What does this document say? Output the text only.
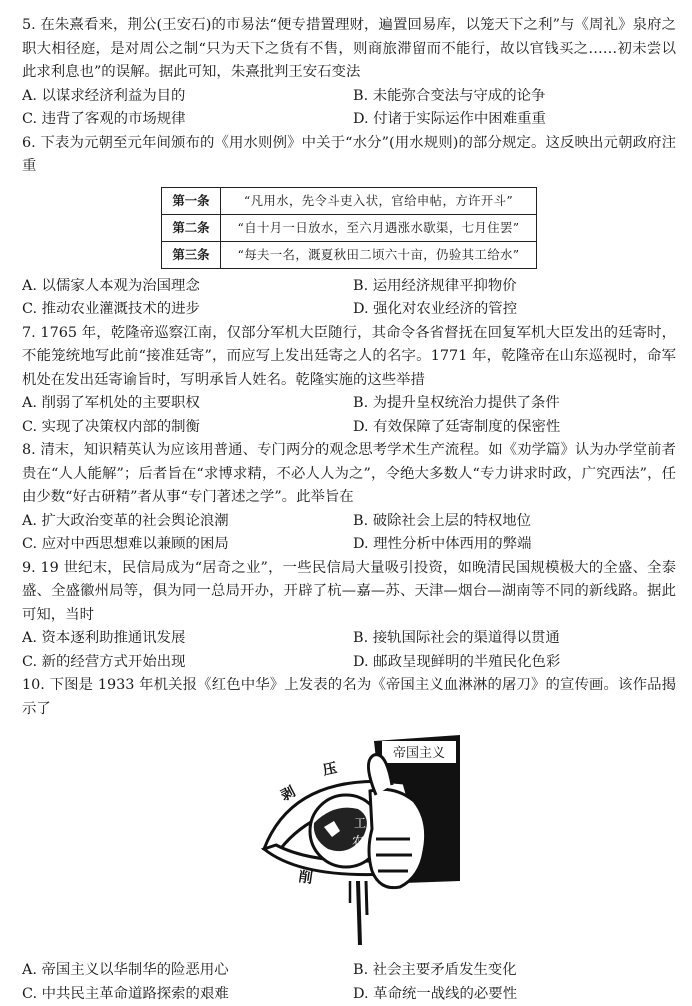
5. 在朱熹看来，荆公(王安石)的市易法“便专措置理财，遍置回易库，以笼天下之利”与《周礼》泉府之职大相径庭，是对周公之制“只为天下之货有不售，则商旅滞留而不能行，故以官钱买之……初未尝以此求利息也”的误解。据此可知，朱熹批判王安石变法

A. 以谋求经济利益为目的	B. 未能弥合变法与守成的论争
C. 违背了客观的市场规律	D. 付诸于实际运作中困难重重

6. 下表为元朝至元年间颁布的《用水则例》中关于“水分”(用水规则)的部分规定。这反映出元朝政府注重

第一条	“凡用水，先令斗吏入状，官给申帖，方许开斗”
第二条	“自十月一日放水，至六月遇涨水歇渠，七月住罢”
第三条	“每夫一名，溉夏秋田二顷六十亩，仍验其工给水”
A. 以儒家人本观为治国理念	B. 运用经济规律平抑物价
C. 推动农业灌溉技术的进步	D. 强化对农业经济的管控

7. 1765 年，乾隆帝巡察江南，仅部分军机大臣随行，其命令各省督抚在回复军机大臣发出的廷寄时，不能笼统地写此前“接准廷寄”，而应写上发出廷寄之人的名字。1771 年，乾隆帝在山东巡视时，命军机处在发出廷寄谕旨时，写明承旨人姓名。乾隆实施的这些举措

A. 削弱了军机处的主要职权	B. 为提升皇权统治力提供了条件
C. 实现了决策权内部的制衡	D. 有效保障了廷寄制度的保密性

8. 清末，知识精英认为应该用普通、专门两分的观念思考学术生产流程。如《劝学篇》认为办学堂前者贵在“人人能解”；后者旨在“求博求精，不必人人为之”，令绝大多数人“专力讲求时政，广究西法”，任由少数“好古研精”者从事“专门著述之学”。此举旨在

A. 扩大政治变革的社会舆论浪潮	B. 破除社会上层的特权地位
C. 应对中西思想难以兼顾的困局	D. 理性分析中体西用的弊端

9. 19 世纪末，民信局成为“居奇之业”，一些民信局大量吸引投资，如晚清民国规模极大的全盛、全泰盛、全盛徽州局等，俱为同一总局开办，开辟了杭—嘉—苏、天津—烟台—湖南等不同的新线路。据此可知，当时

A. 资本逐利助推通讯发展	B. 接轨国际社会的渠道得以贯通
C. 新的经营方式开始出现	D. 邮政呈现鲜明的半殖民化色彩

10. 下图是 1933 年机关报《红色中华》上发表的名为《帝国主义血淋淋的屠刀》的宣传画。该作品揭示了

帝国主义
剥
压
工
农
削
A. 帝国主义以华制华的险恶用心	B. 社会主要矛盾发生变化
C. 中共民主革命道路探索的艰难	D. 革命统一战线的必要性
